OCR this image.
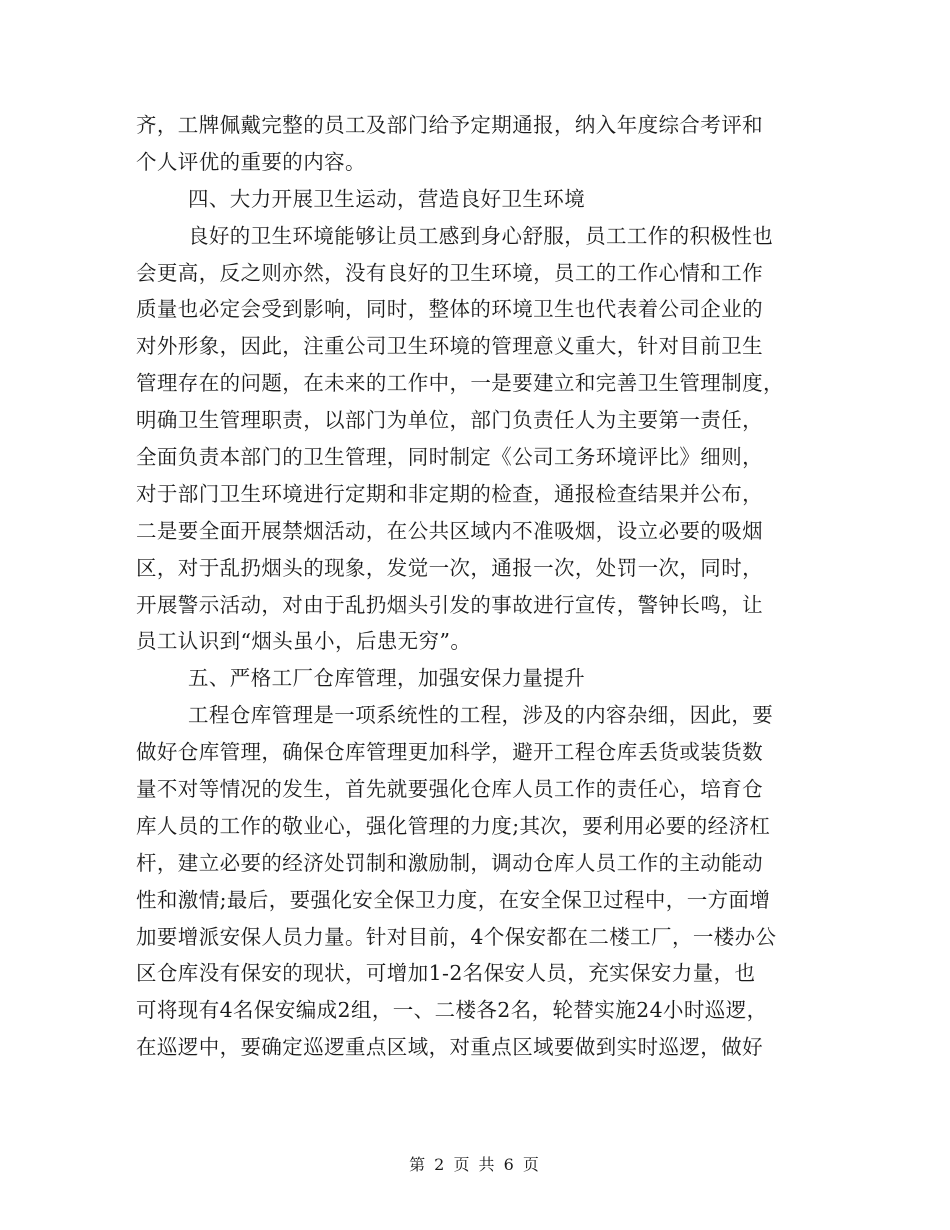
齐，工牌佩戴完整的员工及部门给予定期通报，纳入年度综合考评和
个人评优的重要的内容。
四、大力开展卫生运动，营造良好卫生环境
良好的卫生环境能够让员工感到身心舒服，员工工作的积极性也
会更高，反之则亦然，没有良好的卫生环境，员工的工作心情和工作
质量也必定会受到影响，同时，整体的环境卫生也代表着公司企业的
对外形象，因此，注重公司卫生环境的管理意义重大，针对目前卫生
管理存在的问题，在未来的工作中，一是要建立和完善卫生管理制度，
明确卫生管理职责，以部门为单位，部门负责任人为主要第一责任，
全面负责本部门的卫生管理，同时制定《公司工务环境评比》细则，
对于部门卫生环境进行定期和非定期的检查，通报检查结果并公布，
二是要全面开展禁烟活动，在公共区域内不准吸烟，设立必要的吸烟
区，对于乱扔烟头的现象，发觉一次，通报一次，处罚一次，同时，
开展警示活动，对由于乱扔烟头引发的事故进行宣传，警钟长鸣，让
员工认识到“烟头虽小，后患无穷”。
五、严格工厂仓库管理，加强安保力量提升
工程仓库管理是一项系统性的工程，涉及的内容杂细，因此，要
做好仓库管理，确保仓库管理更加科学，避开工程仓库丢货或装货数
量不对等情况的发生，首先就要强化仓库人员工作的责任心，培育仓
库人员的工作的敬业心，强化管理的力度;其次，要利用必要的经济杠
杆，建立必要的经济处罚制和激励制，调动仓库人员工作的主动能动
性和激情;最后，要强化安全保卫力度，在安全保卫过程中，一方面增
加要增派安保人员力量。针对目前，4个保安都在二楼工厂，一楼办公
区仓库没有保安的现状，可增加1-2名保安人员，充实保安力量，也
可将现有4名保安编成2组，一、二楼各2名，轮替实施24小时巡逻，
在巡逻中，要确定巡逻重点区域，对重点区域要做到实时巡逻，做好
第 2 页 共 6 页
